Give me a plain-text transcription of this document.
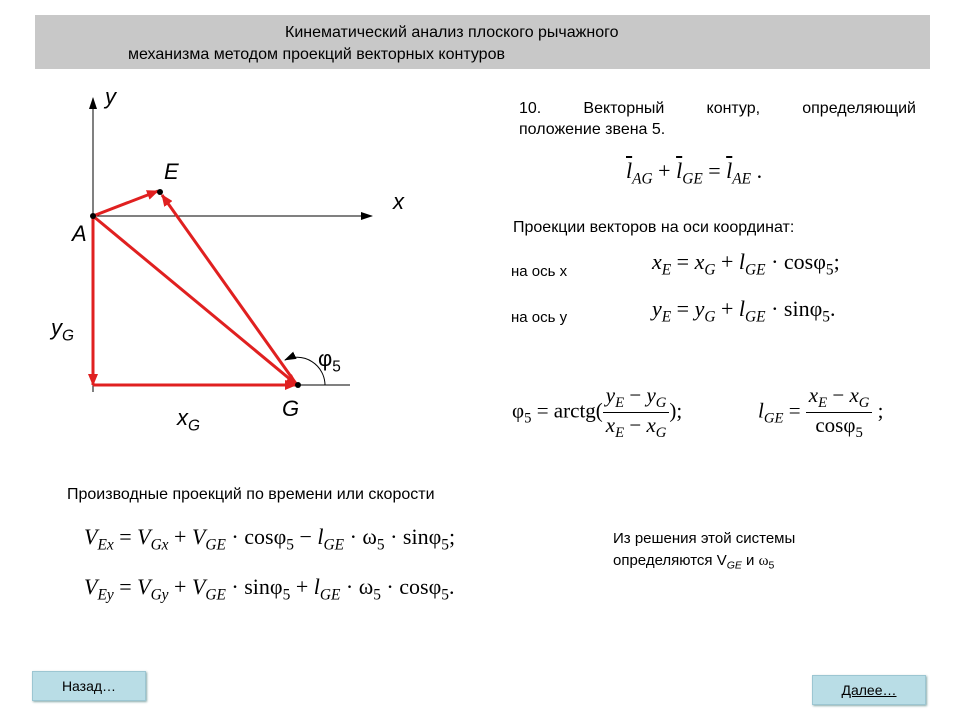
Кинематический анализ плоского рычажного
механизма методом проекций векторных контуров
y
x
E
A
G
$y_G$
$x_G$
$\varphi_5$
10. Векторный контур, определяющий
положение звена 5.
$\overline{l}_{AG} + \overline{l}_{GE} = \overline{l}_{AE}$ .
Проекции векторов на оси координат:
на ось x
на ось y
$x_E = x_G + l_{GE} \cdot \cos\varphi_5$;
$y_E = y_G + l_{GE} \cdot \sin\varphi_5$.
$\varphi_5$ = arctg( $\frac{y_E - y_G}{x_E - x_G}$ );	$l_{GE} = \frac{x_E - x_G}{\cos\varphi_5}$ ;
Производные проекций по времени или скорости
$V_{Ex} = V_{Gx} + V_{GE} \cdot \cos\varphi_5 - l_{GE} \cdot \omega_5 \cdot \sin\varphi_5$;
$V_{Ey} = V_{Gy} + V_{GE} \cdot \sin\varphi_5 + l_{GE} \cdot \omega_5 \cdot \cos\varphi_5$.
Из решения этой системы
определяются $V_{GE}$ и $\omega_5$
Назад…	Далее…
